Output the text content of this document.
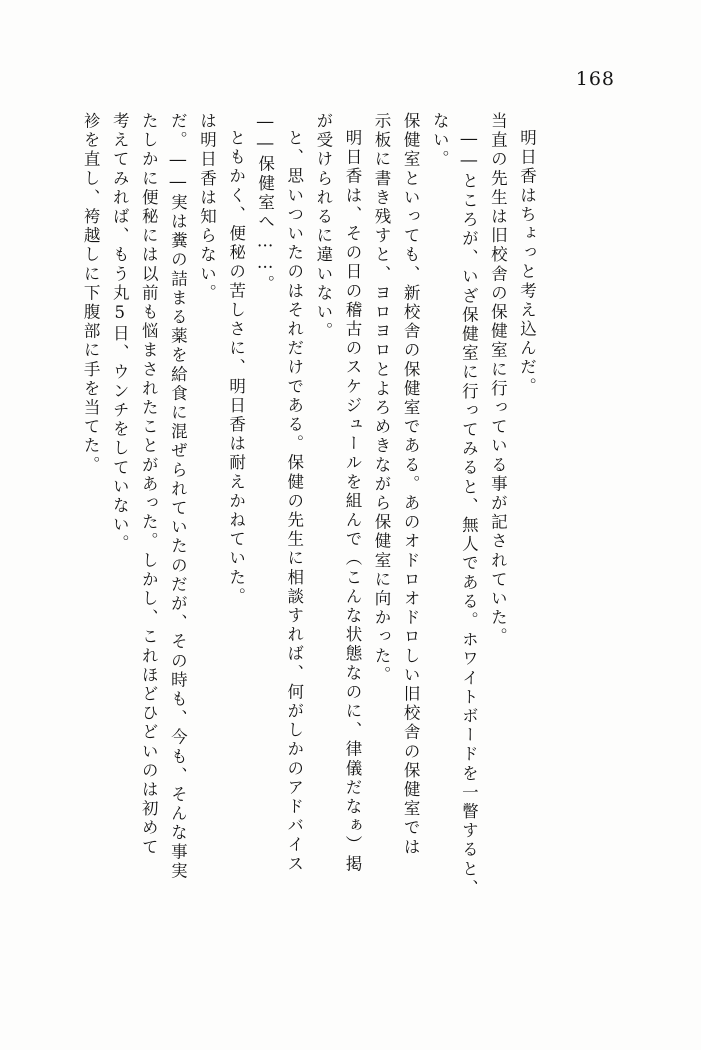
168
袗を直し、袴越しに下腹部に手を当てた。 考えてみれば、もう丸5日、ウンチをしていない。 たしかに便秘には以前も悩まされたことがあった。しかし、これほどひどいのは初めて だ。――実は糞の詰まる薬を給食に混ぜられていたのだが、その時も、今も、そんな事実 は明日香は知らない。 ともかく、便秘の苦しさに、明日香は耐えかねていた。 ――保健室へ……。 と、思いついたのはそれだけである。保健の先生に相談すれば、何がしかのアドバイス が受けられるに違いない。 明日香は、その日の稽古のスケジュールを組んで（こんな状態なのに、律儀だなぁ）掲 示板に書き残すと、ヨロヨロとよろめきながら保健室に向かった。 保健室といっても、新校舎の保健室である。あのオドロオドロしい旧校舎の保健室では ない。 ――ところが、いざ保健室に行ってみると、無人である。ホワイトボードを一瞥すると、 当直の先生は旧校舎の保健室に行っている事が記されていた。 明日香はちょっと考え込んだ。
